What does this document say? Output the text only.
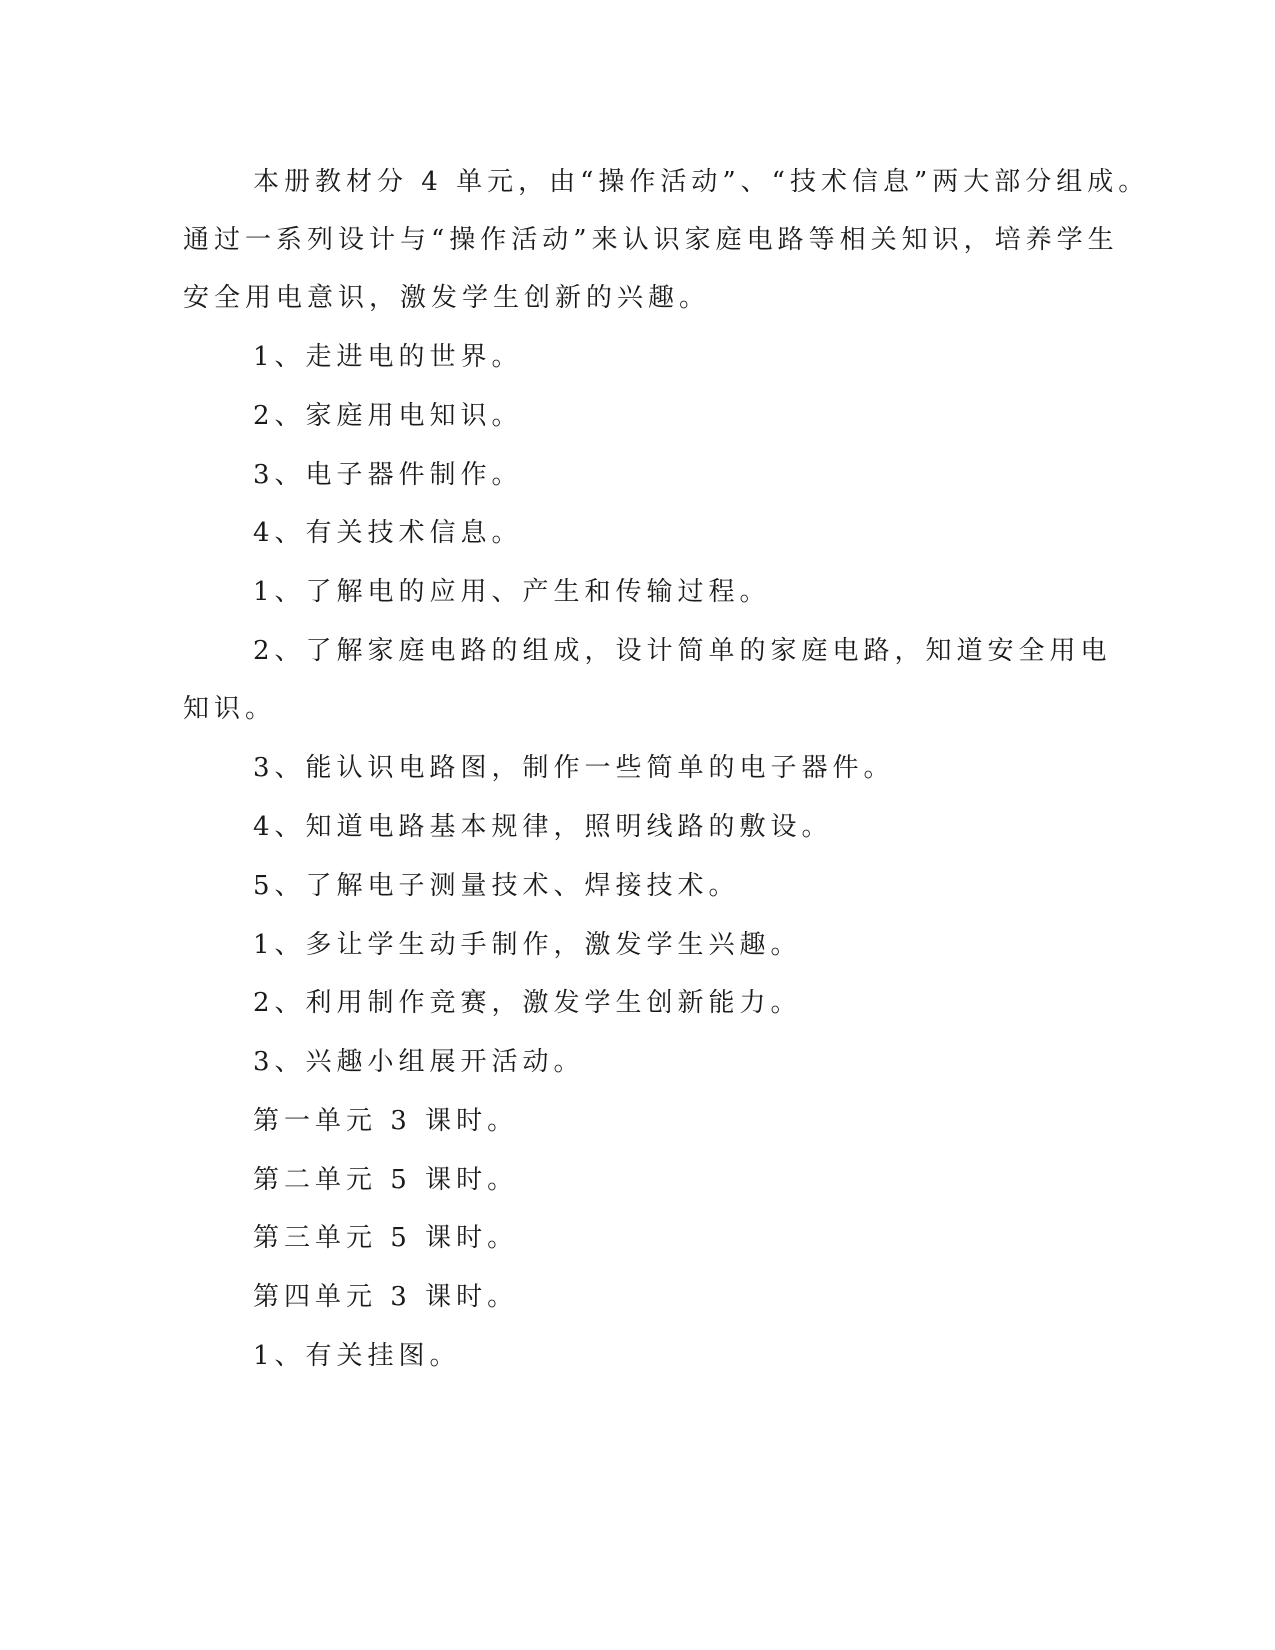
本册教材分 4 单元，由“操作活动”、“技术信息”两大部分组成。
通过一系列设计与“操作活动”来认识家庭电路等相关知识，培养学生
安全用电意识，激发学生创新的兴趣。
1、走进电的世界。
2、家庭用电知识。
3、电子器件制作。
4、有关技术信息。
1、了解电的应用、产生和传输过程。
2、了解家庭电路的组成，设计简单的家庭电路，知道安全用电
知识。
3、能认识电路图，制作一些简单的电子器件。
4、知道电路基本规律，照明线路的敷设。
5、了解电子测量技术、焊接技术。
1、多让学生动手制作，激发学生兴趣。
2、利用制作竞赛，激发学生创新能力。
3、兴趣小组展开活动。
第一单元 3 课时。
第二单元 5 课时。
第三单元 5 课时。
第四单元 3 课时。
1、有关挂图。
